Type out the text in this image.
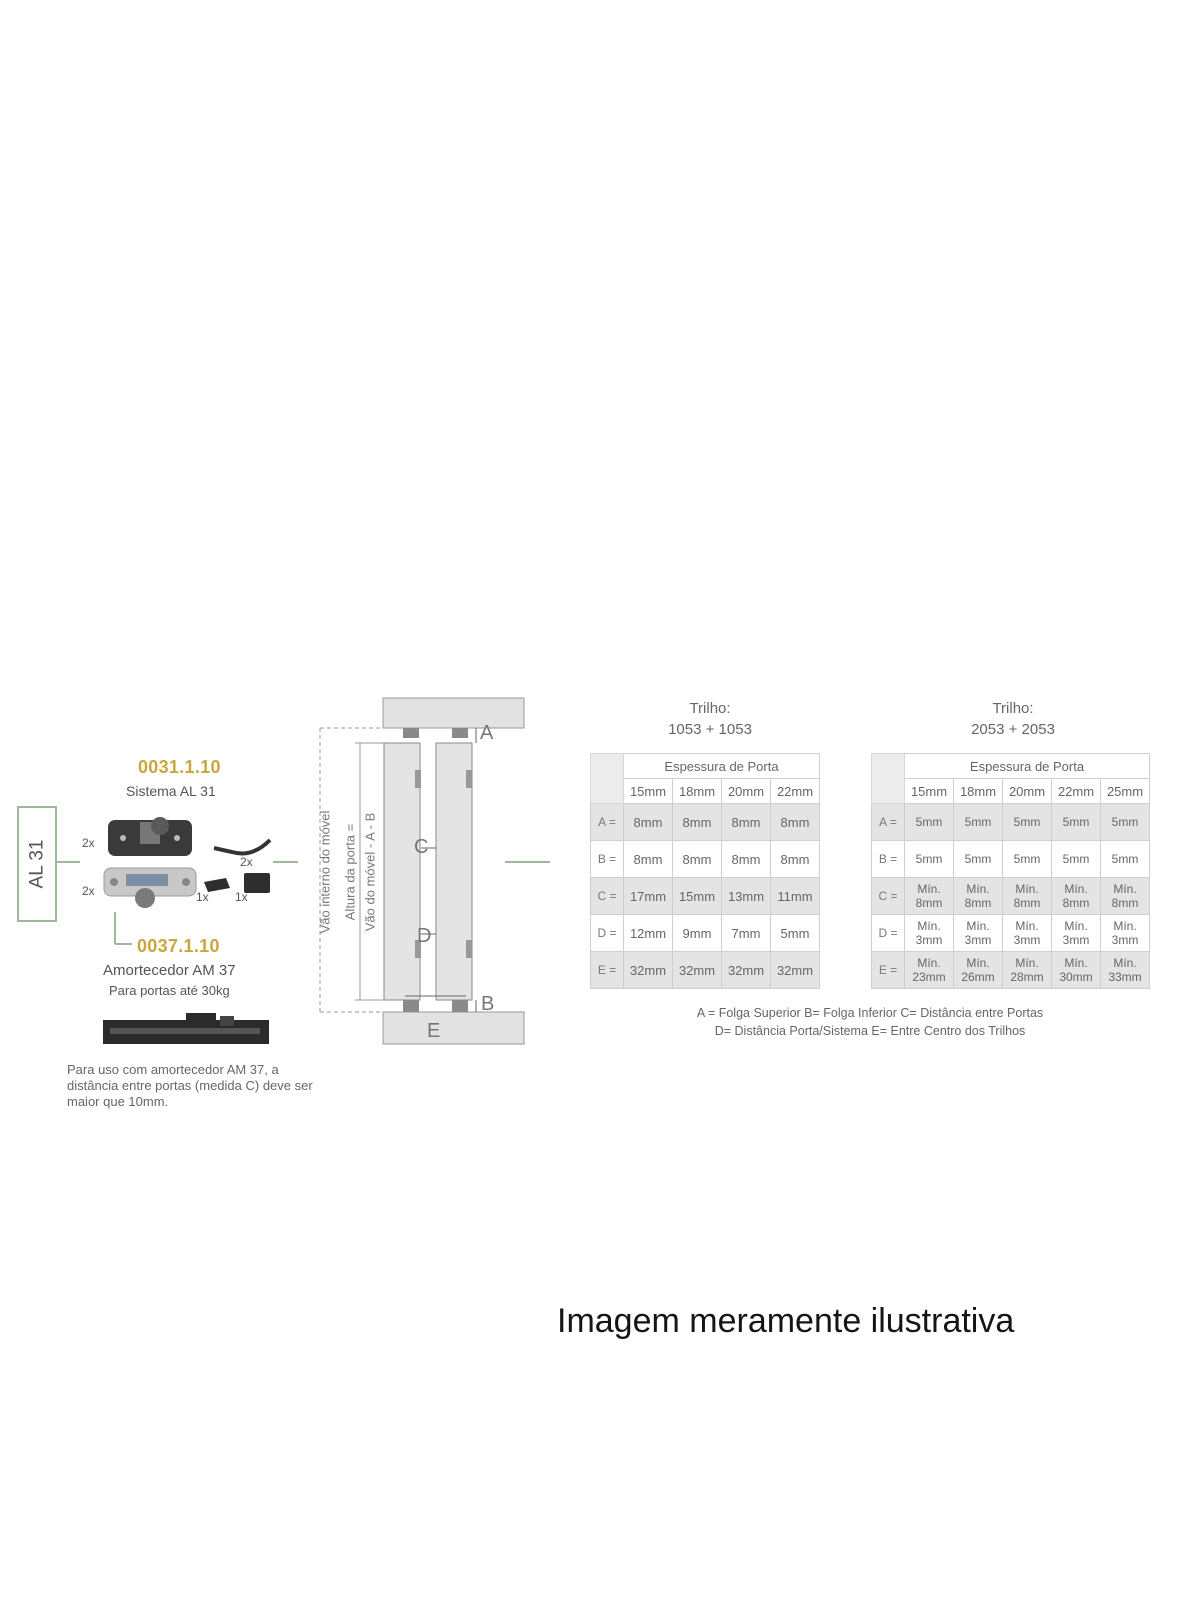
AL 31	2x
2x
2x
1x 1x
0031.1.10
Sistema AL 31
0037.1.10
Amortecedor AM 37
Para portas até 30kg
Para uso com amortecedor AM 37, a distância entre portas (medida C) deve ser maior que 10mm.
A
B
C
D
E
Vão interno do móvel Altura da porta = Vão do móvel - A - B
Trilho:
1053 + 1053
	Espessura de Porta			
	15mm	18mm	20mm	22mm
A =	8mm	8mm	8mm	8mm
B =	8mm	8mm	8mm	8mm
C =	17mm	15mm	13mm	11mm
D =	12mm	9mm	7mm	5mm
E =	32mm	32mm	32mm	32mm
Trilho:
2053 + 2053
	Espessura de Porta				
	15mm	18mm	20mm	22mm	25mm
A =	5mm	5mm	5mm	5mm	5mm
B =	5mm	5mm	5mm	5mm	5mm
C =	Mín. 8mm	Mín. 8mm	Mín. 8mm	Mín. 8mm	Mín. 8mm
D =	Mín. 3mm	Mín. 3mm	Mín. 3mm	Mín. 3mm	Mín. 3mm
E =	Mín. 23mm	Mín. 26mm	Mín. 28mm	Mín. 30mm	Mín. 33mm
A = Folga Superior B= Folga Inferior C= Distância entre Portas
D= Distância Porta/Sistema E= Entre Centro dos Trilhos
Imagem meramente ilustrativa
